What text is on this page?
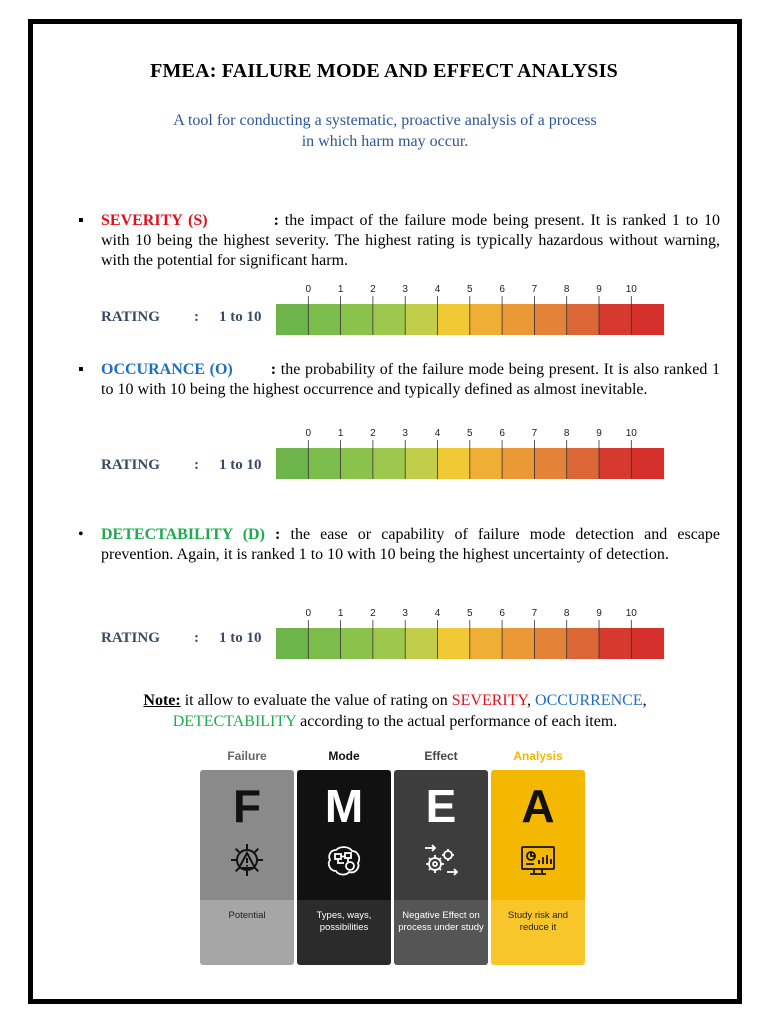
FMEA: FAILURE MODE AND EFFECT ANALYSIS
A tool for conducting a systematic, proactive analysis of a process
in which harm may occur.
▪	SEVERITY (S)	: the impact of the failure mode being present. It is ranked 1 to 10 with 10 being the highest severity. The highest rating is typically hazardous without warning, with the potential for significant harm.
RATING : 1 to 10
0	1	2	3	4	5	6	7	8	9 10
▪	OCCURANCE (O) : the probability of the failure mode being present. It is also ranked 1 to 10 with 10 being the highest occurrence and typically defined as almost inevitable.
RATING : 1 to 10
0	1	2	3	4	5	6	7	8	9 10
•	DETECTABILITY (D) : the ease or capability of failure mode detection and escape prevention. Again, it is ranked 1 to 10 with 10 being the highest uncertainty of detection.
RATING : 1 to 10
0	1	2	3	4	5	6	7	8	9 10
Note: it allow to evaluate the value of rating on SEVERITY, OCCURRENCE,
DETECTABILITY according to the actual performance of each item.
Failure
F
Potential
Mode
M
Types, ways, possibilities
Effect
E
Negative Effect on process under study
Analysis
A
Study risk and reduce it
